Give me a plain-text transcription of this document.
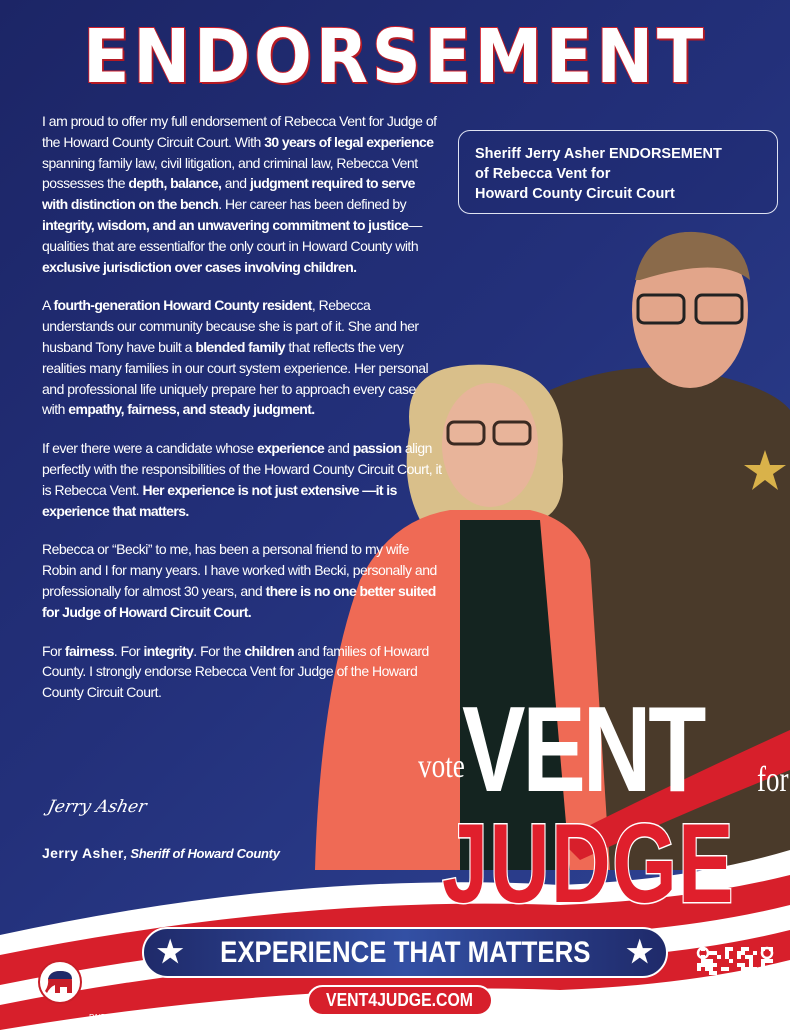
ENDORSEMENT
Sheriff Jerry Asher ENDORSEMENT
of Rebecca Vent for
Howard County Circuit Court

I am proud to offer my full endorsement of Rebecca Vent for Judge of the Howard County Circuit Court. With 30 years of legal experience spanning family law, civil litigation, and criminal law, Rebecca Vent possesses the depth, balance, and judgment required to serve with distinction on the bench. Her career has been defined by integrity, wisdom, and an unwavering commitment to justice—qualities that are essentialfor the only court in Howard County with exclusive jurisdiction over cases involving children.

A fourth-generation Howard County resident, Rebecca understands our community because she is part of it. She and her husband Tony have built a blended family that reflects the very realities many families in our court system experience. Her personal and professional life uniquely prepare her to approach every case with empathy, fairness, and steady judgment.

If ever there were a candidate whose experience and passion align perfectly with the responsibilities of the Howard County Circuit Court, it is Rebecca Vent. Her experience is not just extensive —it is experience that matters.

Rebecca or “Becki” to me, has been a personal friend to my wife Robin and I for many years. I have worked with Becki, personally and professionally for almost 30 years, and there is no one better suited for Judge of Howard Circuit Court.

For fairness. For integrity. For the children and families of Howard County. I strongly endorse Rebecca Vent for Judge of the Howard County Circuit Court.

Jerry Asher
Jerry Asher, Sheriff of Howard County
vote
VENT for
JUDGE
★ EXPERIENCE THAT MATTERS ★
VENT4JUDGE.COM
PAID FOR BY THE COMMITTEE TO ELECT REBECCA VENT
